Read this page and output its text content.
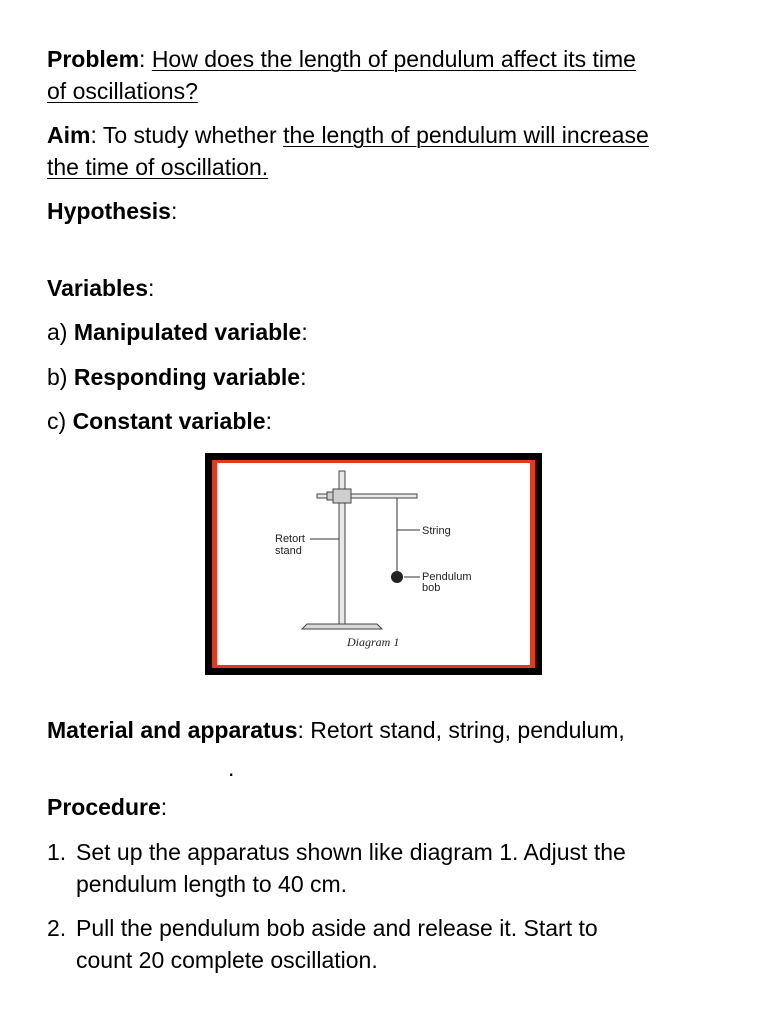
Problem: How does the length of pendulum affect its time
of oscillations?
Aim: To study whether the length of pendulum will increase
the time of oscillation.
Hypothesis:
Variables:
a) Manipulated variable:
b) Responding variable:
c) Constant variable:
Retort
stand
String
Pendulum
bob
Diagram 1
Material and apparatus: Retort stand, string, pendulum,
.
Procedure:
1. Set up the apparatus shown like diagram 1. Adjust the
pendulum length to 40 cm.
2. Pull the pendulum bob aside and release it. Start to
count 20 complete oscillation.
